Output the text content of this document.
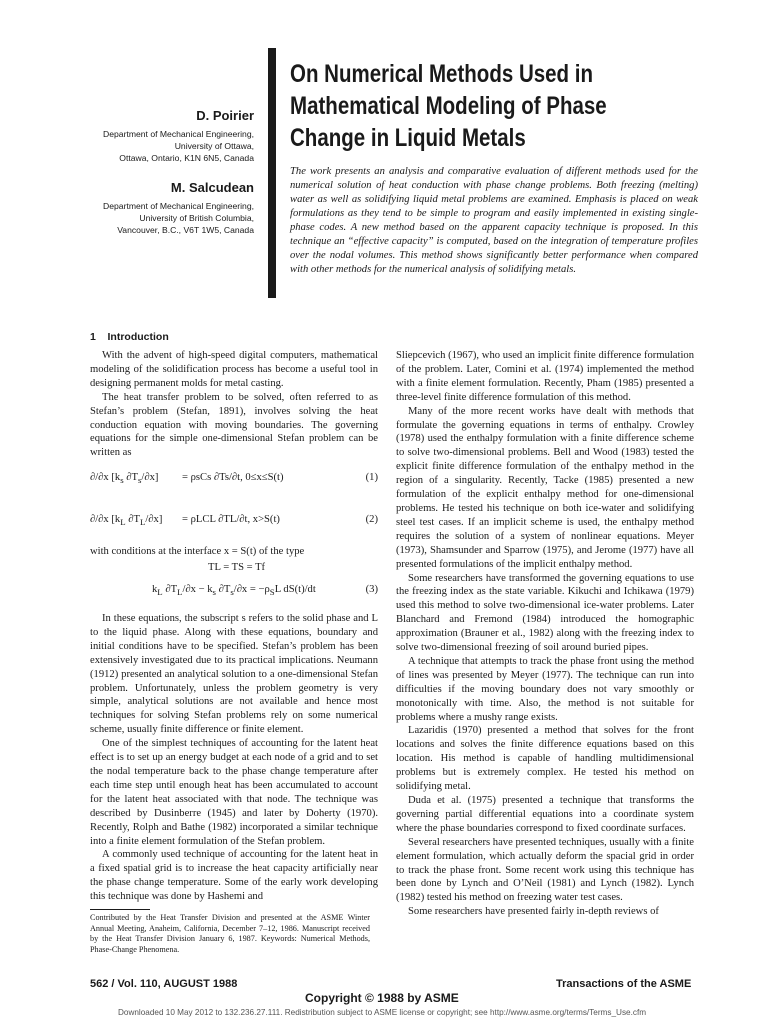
On Numerical Methods Used in
Mathematical Modeling of Phase
Change in Liquid Metals
D. Poirier
Department of Mechanical Engineering,
University of Ottawa,
Ottawa, Ontario, K1N 6N5, Canada
M. Salcudean
Department of Mechanical Engineering,
University of British Columbia,
Vancouver, B.C., V6T 1W5, Canada
The work presents an analysis and comparative evaluation of different methods used for the numerical solution of heat conduction with phase change problems. Both freezing (melting) water as well as solidifying liquid metal problems are examined. Emphasis is placed on weak formulations as they tend to be simple to program and easily implemented in existing single-phase codes. A new method based on the apparent capacity technique is proposed. In this technique an “effective capacity” is computed, based on the integration of temperature profiles over the nodal volumes. This method shows significantly better performance when compared with other methods for the numerical analysis of solidifying metals.
1 Introduction

With the advent of high-speed digital computers, mathematical modeling of the solidification process has become a useful tool in designing permanent molds for metal casting.

The heat transfer problem to be solved, often referred to as Stefan’s problem (Stefan, 1891), involves solving the heat conduction equation with moving boundaries. The governing equations for the simple one-dimensional Stefan problem can be written as

∂/∂x [$k_s$ $\partial T_s/\partial x] = \rho sCs$ ∂Ts/∂t, 0≤x≤S(t)	(1)
∂/∂x [$k_L$ $\partial T_L/\partial x] = \rho LCL$ ∂TL/∂t, x>S(t)	(2)
with conditions at the interface x = S(t) of the type
TL = TS = Tf
$k_L$ $\partial T_L/\partial x - k_s$ $\partial T_s/\partial x = -\rho_SL$ dS(t)/dt	(3)

In these equations, the subscript s refers to the solid phase and L to the liquid phase. Along with these equations, boundary and initial conditions have to be specified. Stefan’s problem has been extensively investigated due to its practical implications. Neumann (1912) presented an analytical solution to a one-dimensional Stefan problem. Unfortunately, unless the problem geometry is very simple, analytical solutions are not available and hence most techniques for solving Stefan problems rely on some numerical scheme, usually finite difference or finite element.

One of the simplest techniques of accounting for the latent heat effect is to set up an energy budget at each node of a grid and to set the nodal temperature back to the phase change temperature after each time step until enough heat has been accumulated to account for the latent heat associated with that node. The technique was described by Dusinberre (1945) and later by Doherty (1970). Recently, Rolph and Bathe (1982) incorporated a similar technique into a finite element formulation of the Stefan problem.

A commonly used technique of accounting for the latent heat in a fixed spatial grid is to increase the heat capacity artificially near the phase change temperature. Some of the early work developing this technique was done by Hashemi and

Contributed by the Heat Transfer Division and presented at the ASME Winter Annual Meeting, Anaheim, California, December 7–12, 1986. Manuscript received by the Heat Transfer Division January 6, 1987. Keywords: Numerical Methods, Phase-Change Phenomena.

Sliepcevich (1967), who used an implicit finite difference formulation of the problem. Later, Comini et al. (1974) implemented the method with a finite element formulation. Recently, Pham (1985) presented a three-level finite difference formulation of this method.

Many of the more recent works have dealt with methods that formulate the governing equations in terms of enthalpy. Crowley (1978) used the enthalpy formulation with a finite difference scheme to solve two-dimensional problems. Bell and Wood (1983) tested the explicit finite difference formulation of the enthalpy method in the region of a singularity. Recently, Tacke (1985) presented a new formulation of the explicit enthalpy method for one-dimensional problems. He tested his technique on both ice-water and solidifying steel test cases. If an implicit scheme is used, the enthalpy method requires the solution of a system of nonlinear equations. Meyer (1973), Shamsunder and Sparrow (1975), and Jerome (1977) have all presented formulations of the implicit enthalpy method.

Some researchers have transformed the governing equations to use the freezing index as the state variable. Kikuchi and Ichikawa (1979) used this method to solve two-dimensional ice-water problems. Later Blanchard and Fremond (1984) introduced the homographic approximation (Brauner et al., 1982) along with the freezing index to solve two-dimensional freezing of soil around buried pipes.

A technique that attempts to track the phase front using the method of lines was presented by Meyer (1977). The technique can run into difficulties if the moving boundary does not vary smoothly or monotonically with time. Also, the method is not suitable for problems where a mushy range exists.

Lazaridis (1970) presented a method that solves for the front locations and solves the finite difference equations based on this location. His method is capable of handling multidimensional problems but is extremely complex. He tested his method on solidifying metal.

Duda et al. (1975) presented a technique that transforms the governing partial differential equations into a coordinate system where the phase boundaries correspond to fixed coordinate surfaces.

Several researchers have presented techniques, usually with a finite element formulation, which actually deform the spacial grid in order to track the phase front. Some recent work using this technique has been done by Lynch and O’Neil (1981) and Lynch (1982). Lynch (1982) tested his method on freezing water test cases.

Some researchers have presented fairly in-depth reviews of

562 / Vol. 110, AUGUST 1988	Transactions of the ASME
Copyright © 1988 by ASME
Downloaded 10 May 2012 to 132.236.27.111. Redistribution subject to ASME license or copyright; see http://www.asme.org/terms/Terms_Use.cfm
